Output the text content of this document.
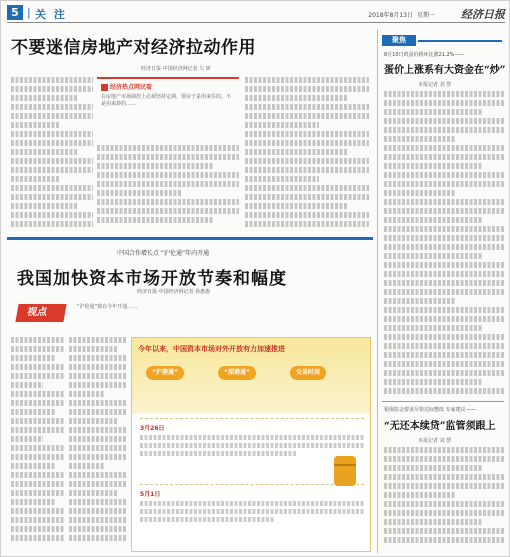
5 | 关 注	2018年8月13日 星期一 经济日报
不要迷信房地产对经济拉动作用
经济日报·中国经济网记者 欠 妍
经济热点网民看
在房地产市场调控上必须坚持定调，要房子是用来住的、不是用来炒的……
中国合作增长点 “沪伦通”年内开通
我国加快资本市场开放节奏和幅度
经济日报·中国经济网记者 孙惠惠
视点	“沪伦通”将在今年开通……
今年以来，中国资本市场对外开放有力加速推进
“沪港通”	“深港通”	交易时间
3月26日
5月1日
聚焦
8月10日鸡蛋价格环比涨21.2%——
蛋价上涨系有大资金在“炒”
本报记者 刘 慧
银保监会要求尽快达标整改 专家建议——
“无还本续贷”监管须跟上
本报记者 刘 慧
